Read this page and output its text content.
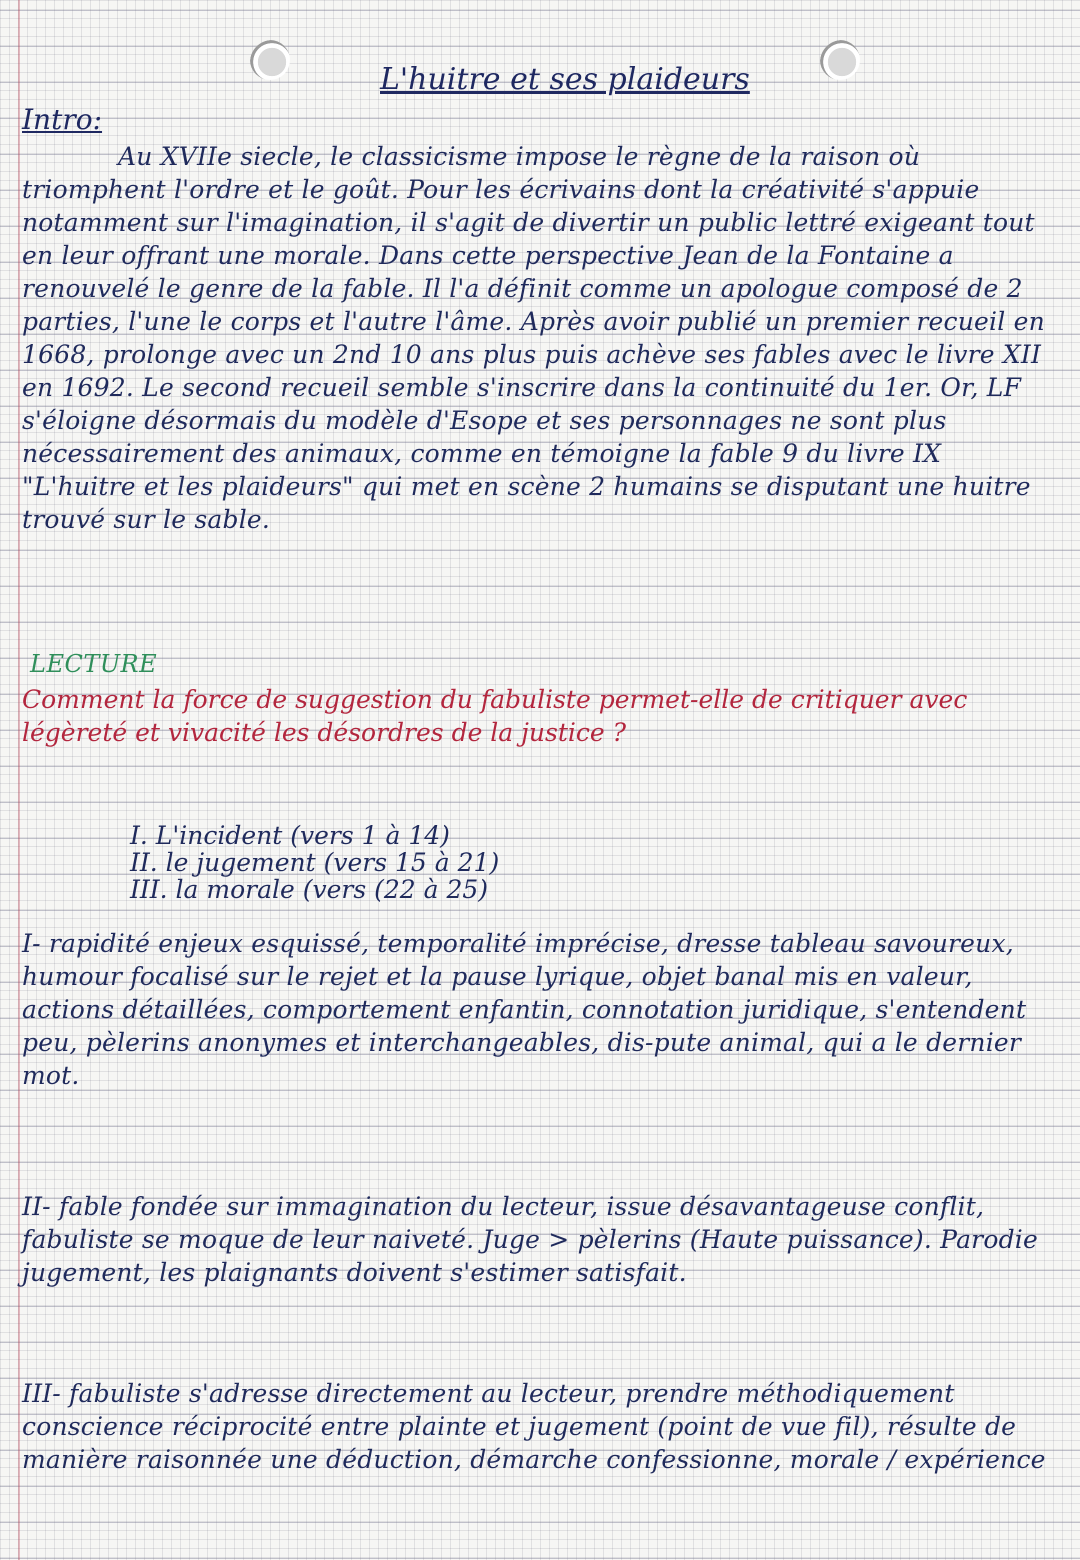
L'huitre et ses plaideurs
Intro:
Au XVIIe siecle, le classicisme impose le règne de la raison où triomphent l'ordre et le goût. Pour les écrivains dont la créativité s'appuie notamment sur l'imagination, il s'agit de divertir un public lettré exigeant tout en leur offrant une morale. Dans cette perspective Jean de la Fontaine a renouvelé le genre de la fable. Il l'a définit comme un apologue composé de 2 parties, l'une le corps et l'autre l'âme. Après avoir publié un premier recueil en 1668, prolonge avec un 2nd 10 ans plus puis achève ses fables avec le livre XII en 1692. Le second recueil semble s'inscrire dans la continuité du 1er. Or, LF s'éloigne désormais du modèle d'Esope et ses personnages ne sont plus nécessairement des animaux, comme en témoigne la fable 9 du livre IX "L'huitre et les plaideurs" qui met en scène 2 humains se disputant une huitre trouvé sur le sable.
LECTURE
Comment la force de suggestion du fabuliste permet-elle de critiquer avec légèreté et vivacité les désordres de la justice ?
I. L'incident (vers 1 à 14)
II. le jugement (vers 15 à 21)
III. la morale (vers (22 à 25)
I- rapidité enjeux esquissé, temporalité imprécise, dresse tableau savoureux, humour focalisé sur le rejet et la pause lyrique, objet banal mis en valeur, actions détaillées, comportement enfantin, connotation juridique, s'entendent peu, pèlerins anonymes et interchangeables, dis-pute animal, qui a le dernier mot.
II- fable fondée sur immagination du lecteur, issue désavantageuse conflit, fabuliste se moque de leur naiveté. Juge > pèlerins (Haute puissance). Parodie jugement, les plaignants doivent s'estimer satisfait.
III- fabuliste s'adresse directement au lecteur, prendre méthodiquement conscience réciprocité entre plainte et jugement (point de vue fil), résulte de manière raisonnée une déduction, démarche confessionne, morale / expérience
